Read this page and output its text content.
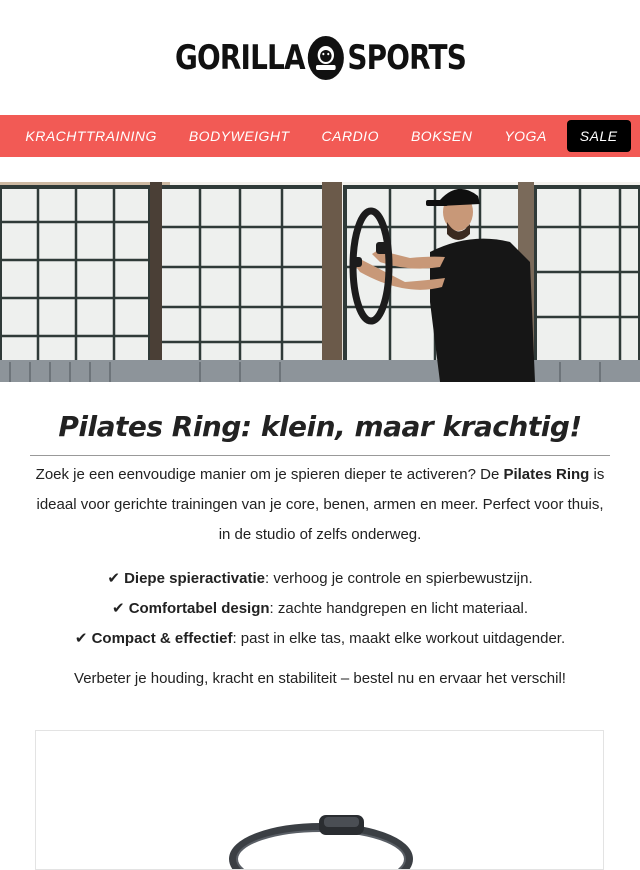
GORILLA SPORTS
KRACHTTRAINING	BODYWEIGHT	CARDIO	BOKSEN	YOGA	SALE
Pilates Ring: klein, maar krachtig!
Zoek je een eenvoudige manier om je spieren dieper te activeren? De Pilates Ring is ideaal voor gerichte trainingen van je core, benen, armen en meer. Perfect voor thuis, in de studio of zelfs onderweg.
✔ Diepe spieractivatie: verhoog je controle en spierbewustzijn.
✔ Comfortabel design: zachte handgrepen en licht materiaal.
✔ Compact & effectief: past in elke tas, maakt elke workout uitdagender.
Verbeter je houding, kracht en stabiliteit – bestel nu en ervaar het verschil!
